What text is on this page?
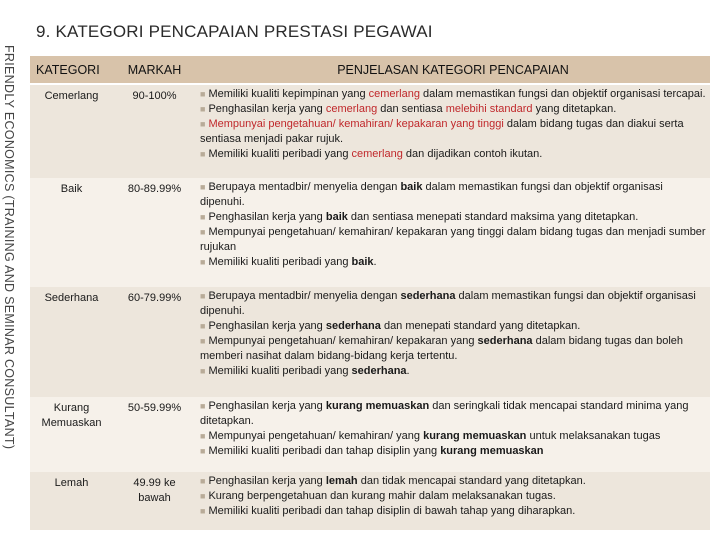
9. KATEGORI PENCAPAIAN PRESTASI PEGAWAI
FRIENDLY ECONOMICS (TRAINING AND SEMINAR CONSULTANT) KATEGORI	MARKAH	PENJELASAN KATEGORI PENCAPAIAN
Cemerlang	90-100%	■ Memiliki kualiti kepimpinan yang cemerlang dalam memastikan fungsi dan objektif organisasi tercapai.
■ Penghasilan kerja yang cemerlang dan sentiasa melebihi standard yang ditetapkan.
■ Mempunyai pengetahuan/ kemahiran/ kepakaran yang tinggi dalam bidang tugas dan diakui serta sentiasa menjadi pakar rujuk.
■ Memiliki kualiti peribadi yang cemerlang dan dijadikan contoh ikutan.

Baik	80-89.99%	■ Berupaya mentadbir/ menyelia dengan baik dalam memastikan fungsi dan objektif organisasi dipenuhi.
■ Penghasilan kerja yang baik dan sentiasa menepati standard maksima yang ditetapkan.
■ Mempunyai pengetahuan/ kemahiran/ kepakaran yang tinggi dalam bidang tugas dan menjadi sumber rujukan
■ Memiliki kualiti peribadi yang baik.

Sederhana	60-79.99%	■ Berupaya mentadbir/ menyelia dengan sederhana dalam memastikan fungsi dan objektif organisasi dipenuhi.
■ Penghasilan kerja yang sederhana dan menepati standard yang ditetapkan.
■ Mempunyai pengetahuan/ kemahiran/ kepakaran yang sederhana dalam bidang tugas dan boleh memberi nasihat dalam bidang-bidang kerja tertentu.
■ Memiliki kualiti peribadi yang sederhana.

Kurang Memuaskan	50-59.99%	■ Penghasilan kerja yang kurang memuaskan dan seringkali tidak mencapai standard minima yang ditetapkan.
■ Mempunyai pengetahuan/ kemahiran/ yang kurang memuaskan untuk melaksanakan tugas
■ Memiliki kualiti peribadi dan tahap disiplin yang kurang memuaskan

Lemah	49.99 ke bawah	■ Penghasilan kerja yang lemah dan tidak mencapai standard yang ditetapkan.
■ Kurang berpengetahuan dan kurang mahir dalam melaksanakan tugas.
■ Memiliki kualiti peribadi dan tahap disiplin di bawah tahap yang diharapkan.
